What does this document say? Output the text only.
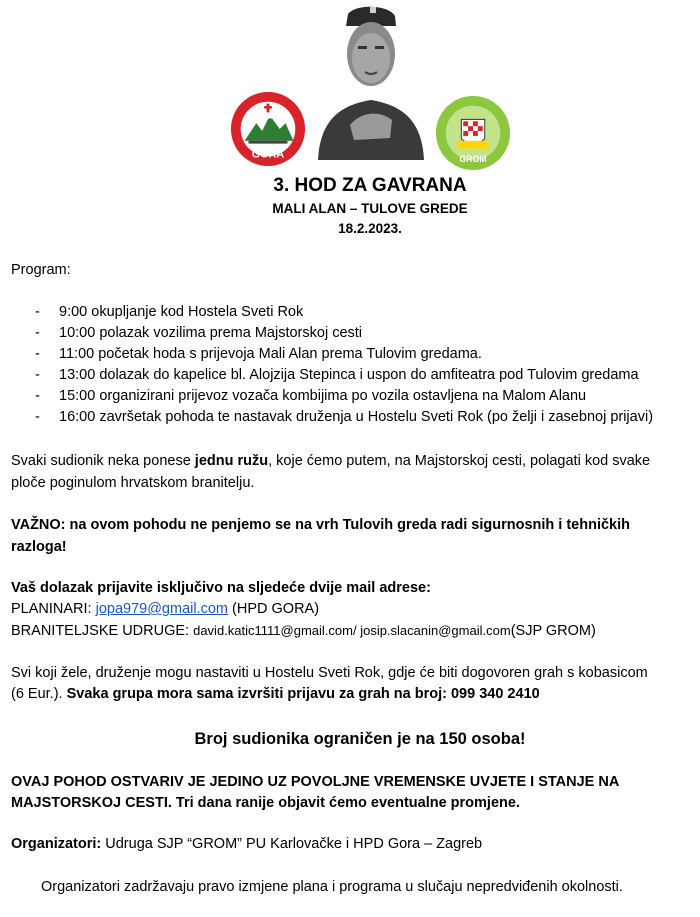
GORA	GROM
3. HOD ZA GAVRANA
MALI ALAN – TULOVE GREDE
18.2.2023.
Program:
- 9:00 okupljanje kod Hostela Sveti Rok
- 10:00 polazak vozilima prema Majstorskoj cesti
- 11:00 početak hoda s prijevoja Mali Alan prema Tulovim gredama.
- 13:00 dolazak do kapelice bl. Alojzija Stepinca i uspon do amfiteatra pod Tulovim gredama
- 15:00 organizirani prijevoz vozača kombijima po vozila ostavljena na Malom Alanu
- 16:00 završetak pohoda te nastavak druženja u Hostelu Sveti Rok (po želji i zasebnoj prijavi)
Svaki sudionik neka ponese jednu ružu, koje ćemo putem, na Majstorskoj cesti, polagati kod svake
ploče poginulom hrvatskom branitelju.
VAŽNO: na ovom pohodu ne penjemo se na vrh Tulovih greda radi sigurnosnih i tehničkih
razloga!
Vaš dolazak prijavite isključivo na sljedeće dvije mail adrese:
PLANINARI: jopa979@gmail.com (HPD GORA)
BRANITELJSKE UDRUGE: david.katic1111@gmail.com/ josip.slacanin@gmail.com(SJP GROM)
Svi koji žele, druženje mogu nastaviti u Hostelu Sveti Rok, gdje će biti dogovoren grah s kobasicom
(6 Eur.). Svaka grupa mora sama izvršiti prijavu za grah na broj: 099 340 2410
Broj sudionika ograničen je na 150 osoba!
OVAJ POHOD OSTVARIV JE JEDINO UZ POVOLJNE VREMENSKE UVJETE I STANJE NA
MAJSTORSKOJ CESTI. Tri dana ranije objavit ćemo eventualne promjene.
Organizatori: Udruga SJP “GROM” PU Karlovačke i HPD Gora – Zagreb
Organizatori zadržavaju pravo izmjene plana i programa u slučaju nepredviđenih okolnosti.
